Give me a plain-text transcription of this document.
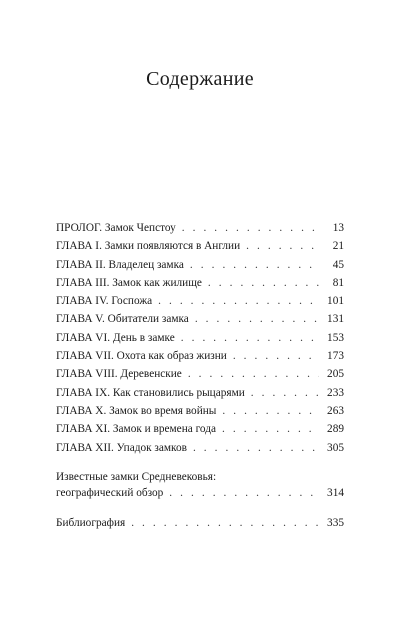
Содержание
ПРОЛОГ. Замок Чепстоу . . .	13
ГЛАВА I. Замки появляются в Англии . . .	21
ГЛАВА II. Владелец замка . . .	45
ГЛАВА III. Замок как жилище . . .	81
ГЛАВА IV. Госпожа . . .	101
ГЛАВА V. Обитатели замка . . .	131
ГЛАВА VI. День в замке . . .	153
ГЛАВА VII. Охота как образ жизни . . .	173
ГЛАВА VIII. Деревенские . . .	205
ГЛАВА IX. Как становились рыцарями . . .	233
ГЛАВА X. Замок во время войны . . .	263
ГЛАВА XI. Замок и времена года . . .	289
ГЛАВА XII. Упадок замков . . .	305
Известные замки Средневековья:
географический обзор . . .	314
Библиография . . .	335
